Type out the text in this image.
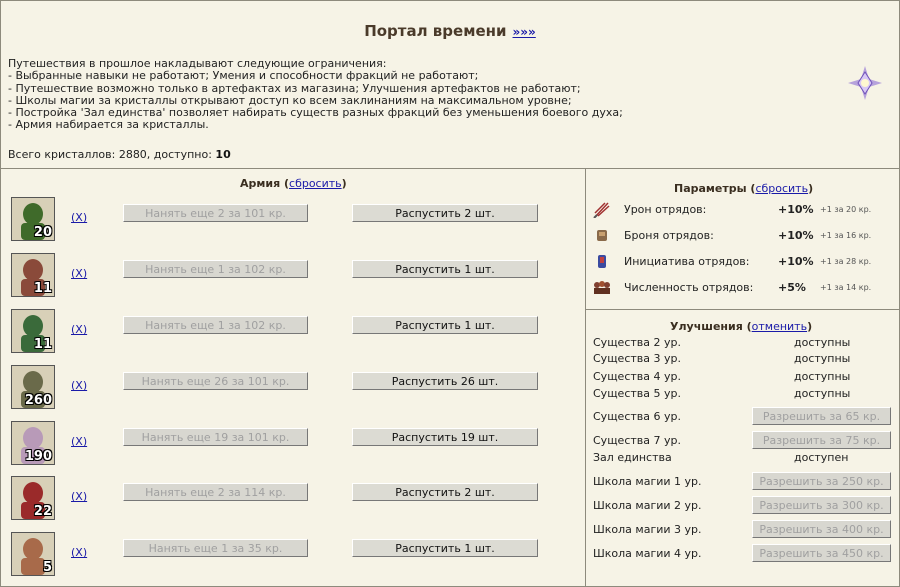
Портал времени »»»
Путешествия в прошлое накладывают следующие ограничения:
- Выбранные навыки не работают; Умения и способности фракций не работают;
- Путешествие возможно только в артефактах из магазина; Улучшения артефактов не работают;
- Школы магии за кристаллы открывают доступ ко всем заклинаниям на максимальном уровне;
- Постройка 'Зал единства' позволяет набирать существ разных фракций без уменьшения боевого духа;
- Армия набирается за кристаллы.
Всего кристаллов: 2880, доступно: 10
Армия (сбросить)
20
(X)	Нанять еще 2 за 101 кр.	Распустить 2 шт.
11
(X)	Нанять еще 1 за 102 кр.	Распустить 1 шт.
11
(X)	Нанять еще 1 за 102 кр.	Распустить 1 шт.
260
(X)	Нанять еще 26 за 101 кр.	Распустить 26 шт.
190
(X)	Нанять еще 19 за 101 кр.	Распустить 19 шт.
22
(X)	Нанять еще 2 за 114 кр.	Распустить 2 шт.
5
(X)	Нанять еще 1 за 35 кр.	Распустить 1 шт.
Параметры (сбросить)
Урон отрядов:	+10% +1 за 20 кр.
Броня отрядов:	+10% +1 за 16 кр.
Инициатива отрядов:	+10% +1 за 28 кр.
Численность отрядов: +5% +1 за 14 кр.
Улучшения (отменить)
Существа 2 ур.	доступны
Существа 3 ур.	доступны
Существа 4 ур.	доступны
Существа 5 ур.	доступны
Существа 6 ур.	Разрешить за 65 кр.
Существа 7 ур.	Разрешить за 75 кр.
Зал единства	доступен
Школа магии 1 ур.	Разрешить за 250 кр.
Школа магии 2 ур.	Разрешить за 300 кр.
Школа магии 3 ур.	Разрешить за 400 кр.
Школа магии 4 ур.	Разрешить за 450 кр.
